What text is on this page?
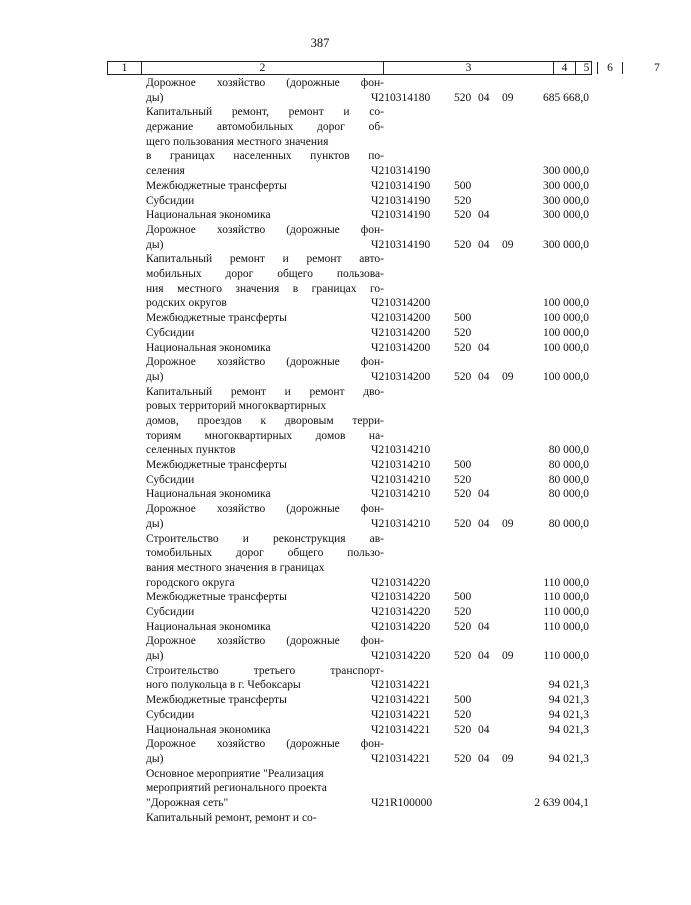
387
1	2	3	4	5	6	7
Дорожное хозяйство (дорожные фон-
ды)	Ч210314180 520 04 09	685 668,0
Капитальный ремонт, ремонт и со-
держание автомобильных дорог об-
щего пользования местного значения
в границах населенных пунктов по-
селения	Ч210314190	300 000,0
Межбюджетные трансферты	Ч210314190 500	300 000,0
Субсидии	Ч210314190 520	300 000,0
Национальная экономика	Ч210314190 520 04	300 000,0
Дорожное хозяйство (дорожные фон-
ды)	Ч210314190 520 04 09	300 000,0
Капитальный ремонт и ремонт авто-
мобильных дорог общего пользова-
ния местного значения в границах го-
родских округов	Ч210314200	100 000,0
Межбюджетные трансферты	Ч210314200 500	100 000,0
Субсидии	Ч210314200 520	100 000,0
Национальная экономика	Ч210314200 520 04	100 000,0
Дорожное хозяйство (дорожные фон-
ды)	Ч210314200 520 04 09	100 000,0
Капитальный ремонт и ремонт дво-
ровых территорий многоквартирных
домов, проездов к дворовым терри-
ториям многоквартирных домов на-
селенных пунктов	Ч210314210	80 000,0
Межбюджетные трансферты	Ч210314210 500	80 000,0
Субсидии	Ч210314210 520	80 000,0
Национальная экономика	Ч210314210 520 04	80 000,0
Дорожное хозяйство (дорожные фон-
ды)	Ч210314210 520 04 09	80 000,0
Строительство и реконструкция ав-
томобильных дорог общего пользо-
вания местного значения в границах
городского округа	Ч210314220	110 000,0
Межбюджетные трансферты	Ч210314220 500	110 000,0
Субсидии	Ч210314220 520	110 000,0
Национальная экономика	Ч210314220 520 04	110 000,0
Дорожное хозяйство (дорожные фон-
ды)	Ч210314220 520 04 09	110 000,0
Строительство третьего транспорт-
ного полукольца в г. Чебоксары	Ч210314221	94 021,3
Межбюджетные трансферты	Ч210314221 500	94 021,3
Субсидии	Ч210314221 520	94 021,3
Национальная экономика	Ч210314221 520 04	94 021,3
Дорожное хозяйство (дорожные фон-
ды)	Ч210314221 520 04 09	94 021,3
Основное мероприятие "Реализация
мероприятий регионального проекта
"Дорожная сеть"	Ч21R100000	2 639 004,1
Капитальный ремонт, ремонт и со-
